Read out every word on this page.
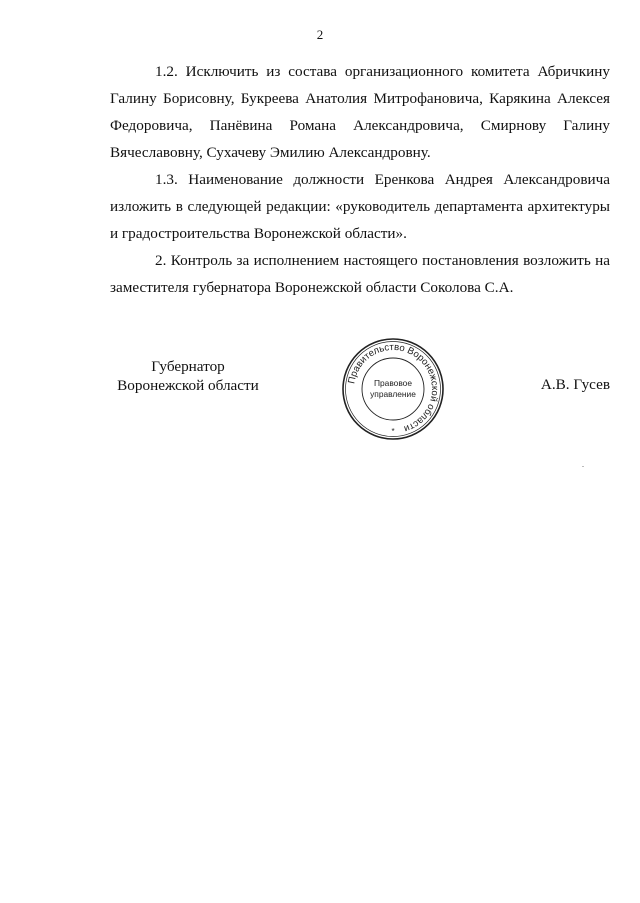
2

1.2. Исключить из состава организационного комитета Абричкину Галину Борисовну, Букреева Анатолия Митрофановича, Карякина Алексея Федоровича, Панёвина Романа Александровича, Смирнову Галину Вячеславовну, Сухачеву Эмилию Александровну.

1.3. Наименование должности Еренкова Андрея Александровича изложить в следующей редакции: «руководитель департамента архитектуры и градостроительства Воронежской области».

2. Контроль за исполнением настоящего постановления возложить на заместителя губернатора Воронежской области Соколова С.А.

Губернатор
Воронежской области	Правительство Воронежской области
Правовое
управление
*
А.В. Гусев
